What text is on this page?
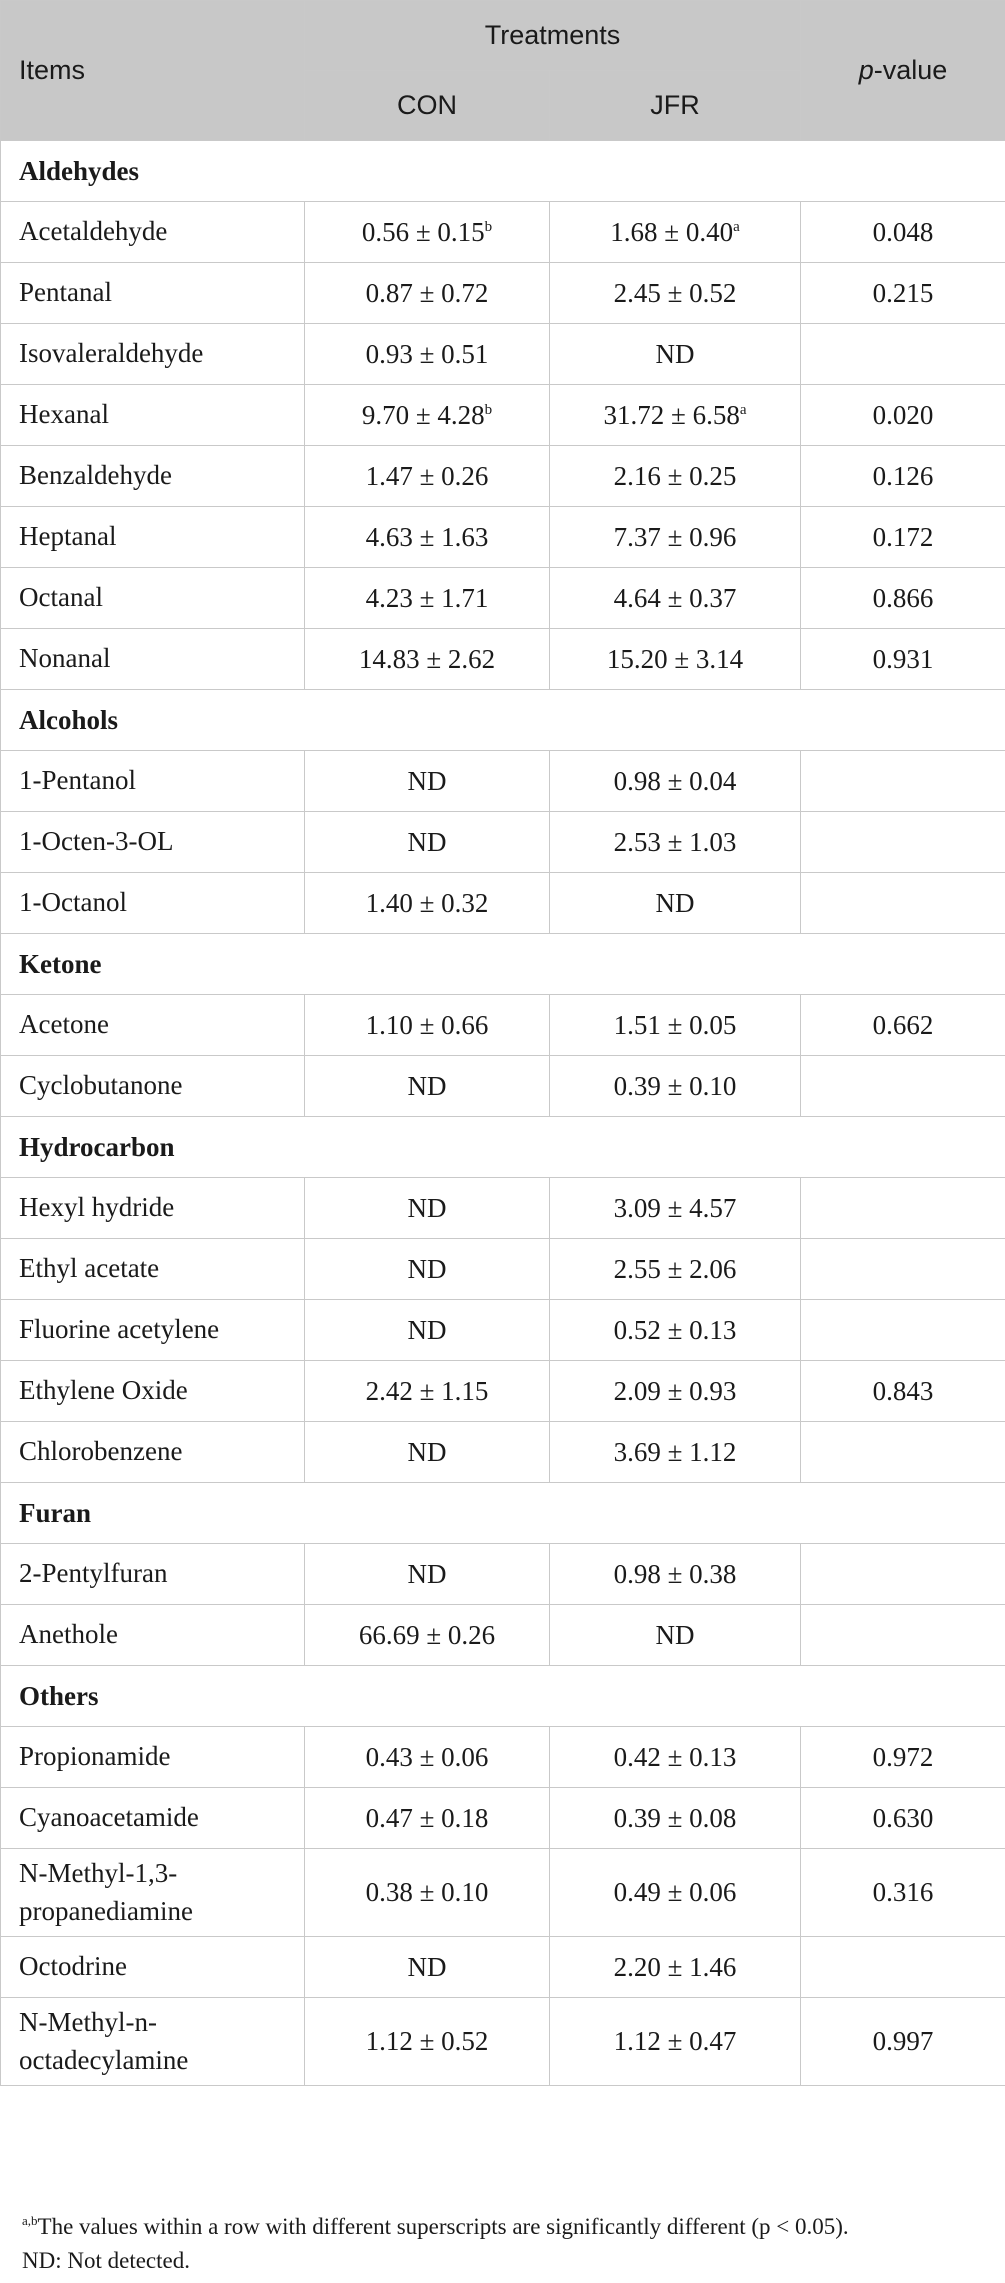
Items	Treatments		p-value
	CON	JFR	
Aldehydes			
Acetaldehyde	0.56 ± 0.15$^b$	1.68 ± 0.40$^a$	0.048
Pentanal	0.87 ± 0.72	2.45 ± 0.52	0.215
Isovaleraldehyde	0.93 ± 0.51	ND	
Hexanal	9.70 ± 4.28$^b$	31.72 ± 6.58$^a$	0.020
Benzaldehyde	1.47 ± 0.26	2.16 ± 0.25	0.126
Heptanal	4.63 ± 1.63	7.37 ± 0.96	0.172
Octanal	4.23 ± 1.71	4.64 ± 0.37	0.866
Nonanal	14.83 ± 2.62	15.20 ± 3.14	0.931
Alcohols			
1-Pentanol	ND	0.98 ± 0.04	
1-Octen-3-OL	ND	2.53 ± 1.03	
1-Octanol	1.40 ± 0.32	ND	
Ketone			
Acetone	1.10 ± 0.66	1.51 ± 0.05	0.662
Cyclobutanone	ND	0.39 ± 0.10	
Hydrocarbon			
Hexyl hydride	ND	3.09 ± 4.57	
Ethyl acetate	ND	2.55 ± 2.06	
Fluorine acetylene	ND	0.52 ± 0.13	
Ethylene Oxide	2.42 ± 1.15	2.09 ± 0.93	0.843
Chlorobenzene	ND	3.69 ± 1.12	
Furan			
2-Pentylfuran	ND	0.98 ± 0.38	
Anethole	66.69 ± 0.26	ND	
Others			
Propionamide	0.43 ± 0.06	0.42 ± 0.13	0.972
Cyanoacetamide	0.47 ± 0.18	0.39 ± 0.08	0.630
N-Methyl-1,3-
propanediamine	0.38 ± 0.10	0.49 ± 0.06	0.316
Octodrine	ND	2.20 ± 1.46	
N-Methyl-n-
octadecylamine	1.12 ± 0.52	1.12 ± 0.47	0.997

$^{a,b}$The values within a row with different superscripts are significantly different (p < 0.05).

ND: Not detected.
